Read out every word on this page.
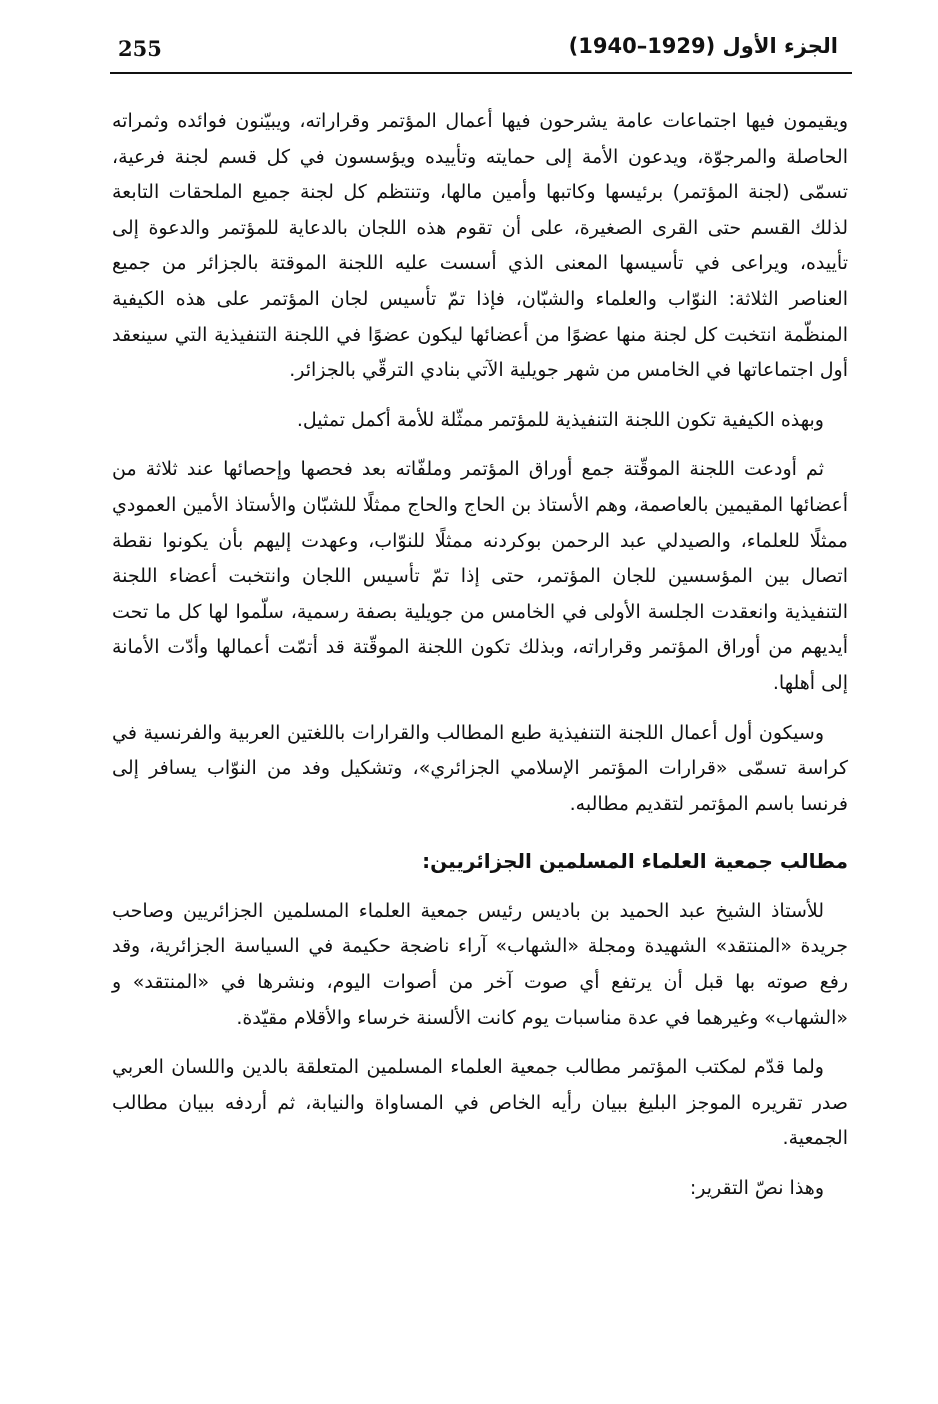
255	الجزء الأول (1929–1940)

ويقيمون فيها اجتماعات عامة يشرحون فيها أعمال المؤتمر وقراراته، ويبيّنون فوائده وثمراته الحاصلة والمرجوّة، ويدعون الأمة إلى حمايته وتأييده ويؤسسون في كل قسم لجنة فرعية، تسمّى (لجنة المؤتمر) برئيسها وكاتبها وأمين مالها، وتنتظم كل لجنة جميع الملحقات التابعة لذلك القسم حتى القرى الصغيرة، على أن تقوم هذه اللجان بالدعاية للمؤتمر والدعوة إلى تأييده، ويراعى في تأسيسها المعنى الذي أسست عليه اللجنة الموقتة بالجزائر من جميع العناصر الثلاثة: النوّاب والعلماء والشبّان، فإذا تمّ تأسيس لجان المؤتمر على هذه الكيفية المنظّمة انتخبت كل لجنة منها عضوًا من أعضائها ليكون عضوًا في اللجنة التنفيذية التي سينعقد أول اجتماعاتها في الخامس من شهر جويلية الآتي بنادي الترقّي بالجزائر.

وبهذه الكيفية تكون اللجنة التنفيذية للمؤتمر ممثّلة للأمة أكمل تمثيل.

ثم أودعت اللجنة الموقّتة جمع أوراق المؤتمر وملفّاته بعد فحصها وإحصائها عند ثلاثة من أعضائها المقيمين بالعاصمة، وهم الأستاذ بن الحاج والحاج ممثلًا للشبّان والأستاذ الأمين العمودي ممثلًا للعلماء، والصيدلي عبد الرحمن بوكردنه ممثلًا للنوّاب، وعهدت إليهم بأن يكونوا نقطة اتصال بين المؤسسين للجان المؤتمر، حتى إذا تمّ تأسيس اللجان وانتخبت أعضاء اللجنة التنفيذية وانعقدت الجلسة الأولى في الخامس من جويلية بصفة رسمية، سلّموا لها كل ما تحت أيديهم من أوراق المؤتمر وقراراته، وبذلك تكون اللجنة الموقّتة قد أتمّت أعمالها وأدّت الأمانة إلى أهلها.

وسيكون أول أعمال اللجنة التنفيذية طبع المطالب والقرارات باللغتين العربية والفرنسية في كراسة تسمّى «قرارات المؤتمر الإسلامي الجزائري»، وتشكيل وفد من النوّاب يسافر إلى فرنسا باسم المؤتمر لتقديم مطالبه.

مطالب جمعية العلماء المسلمين الجزائريين:

للأستاذ الشيخ عبد الحميد بن باديس رئيس جمعية العلماء المسلمين الجزائريين وصاحب جريدة «المنتقد» الشهيدة ومجلة «الشهاب» آراء ناضجة حكيمة في السياسة الجزائرية، وقد رفع صوته بها قبل أن يرتفع أي صوت آخر من أصوات اليوم، ونشرها في «المنتقد» و «الشهاب» وغيرهما في عدة مناسبات يوم كانت الألسنة خرساء والأقلام مقيّدة.

ولما قدّم لمكتب المؤتمر مطالب جمعية العلماء المسلمين المتعلقة بالدين واللسان العربي صدر تقريره الموجز البليغ ببيان رأيه الخاص في المساواة والنيابة، ثم أردفه ببيان مطالب الجمعية.

وهذا نصّ التقرير:
